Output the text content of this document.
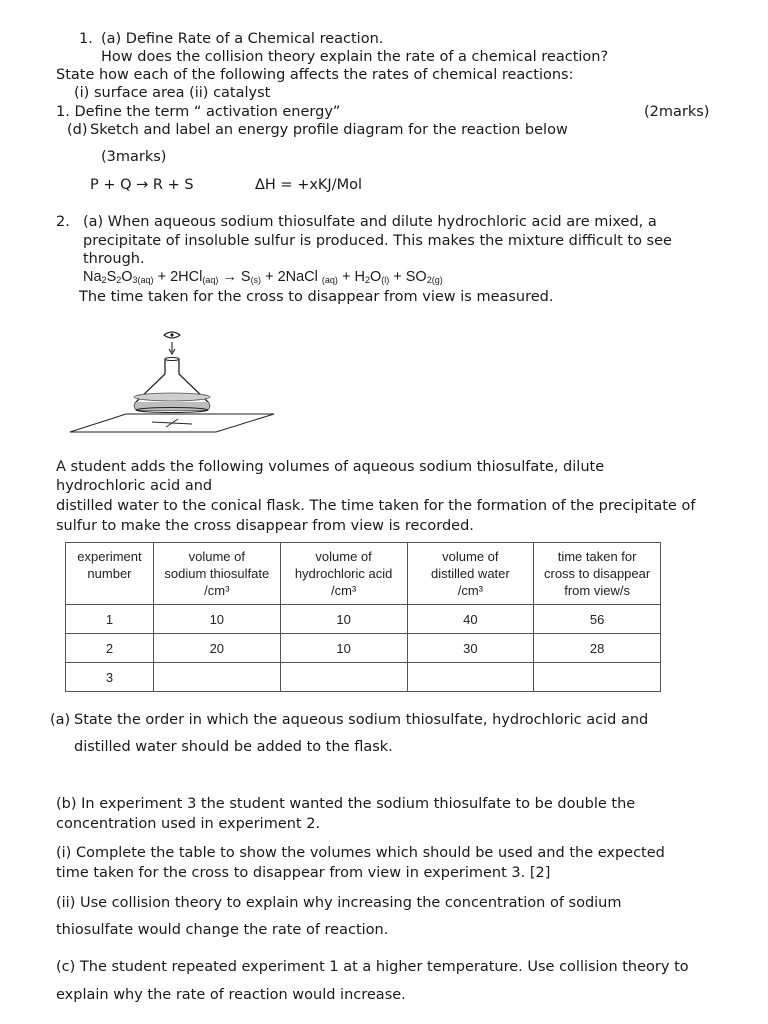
1. (a) Define Rate of a Chemical reaction.
How does the collision theory explain the rate of a chemical reaction?
State how each of the following affects the rates of chemical reactions:
(i) surface area (ii) catalyst
1. Define the term “ activation energy”	(2marks)
(d) Sketch and label an energy profile diagram for the reaction below
(3marks)
P + Q → R + S	ΔH = +xKJ/Mol
2. (a) When aqueous sodium thiosulfate and dilute hydrochloric acid are mixed, a
precipitate of insoluble sulfur is produced. This makes the mixture difficult to see
through.
$Na_2S_2O_{3(aq)} + 2HCl_{(aq)} \to S_{(s)}$ + 2NaCl $_{(aq)} + H_2O_{(l)} + SO_{2(g)}$
The time taken for the cross to disappear from view is measured.
A student adds the following volumes of aqueous sodium thiosulfate, dilute
hydrochloric acid and
distilled water to the conical flask. The time taken for the formation of the precipitate of
sulfur to make the cross disappear from view is recorded.
experiment
number	volume of
sodium thiosulfate
/cm³	volume of
hydrochloric acid
/cm³	volume of
distilled water
/cm³	time taken for
cross to disappear
from view/s
1	10	10	40	56
2	20	10	30	28
3				
(a) State the order in which the aqueous sodium thiosulfate, hydrochloric acid and
distilled water should be added to the flask.
(b) In experiment 3 the student wanted the sodium thiosulfate to be double the
concentration used in experiment 2.
(i) Complete the table to show the volumes which should be used and the expected
time taken for the cross to disappear from view in experiment 3. [2]
(ii) Use collision theory to explain why increasing the concentration of sodium
thiosulfate would change the rate of reaction.
(c) The student repeated experiment 1 at a higher temperature. Use collision theory to
explain why the rate of reaction would increase.
